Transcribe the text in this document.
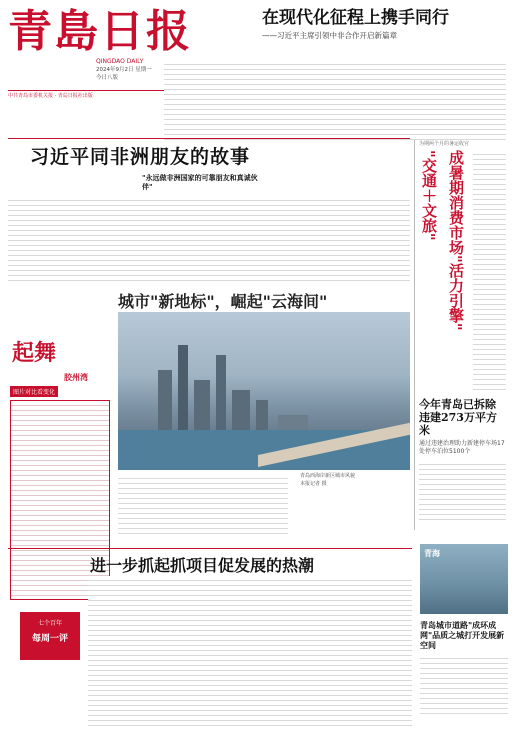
青島日报
QINGDAO DAILY
2024年9月2日 星期一
今日八版
中共青岛市委机关报 · 青岛日报社出版
在现代化征程上携手同行
——习近平主席引领中非合作开启新篇章
习近平同非洲朋友的故事
"永远做非洲国家的可靠朋友和真诚伙伴"
为期两个月的暑运收官
"交通＋文旅" 成暑期消费市场"活力引擎"
今年青岛已拆除违建273万平方米
通过违建治理助力新建停车场17处停车泊位5100个
城市"新地标"，崛起"云海间"
青岛西海岸新区城市风貌
本报记者 摄
起舞
胶州湾
图片对比看变化
进一步抓起抓项目促发展的热潮
七个百年
每周一评
青海
青岛城市道路"成环成网"品质之城打开发展新空间
